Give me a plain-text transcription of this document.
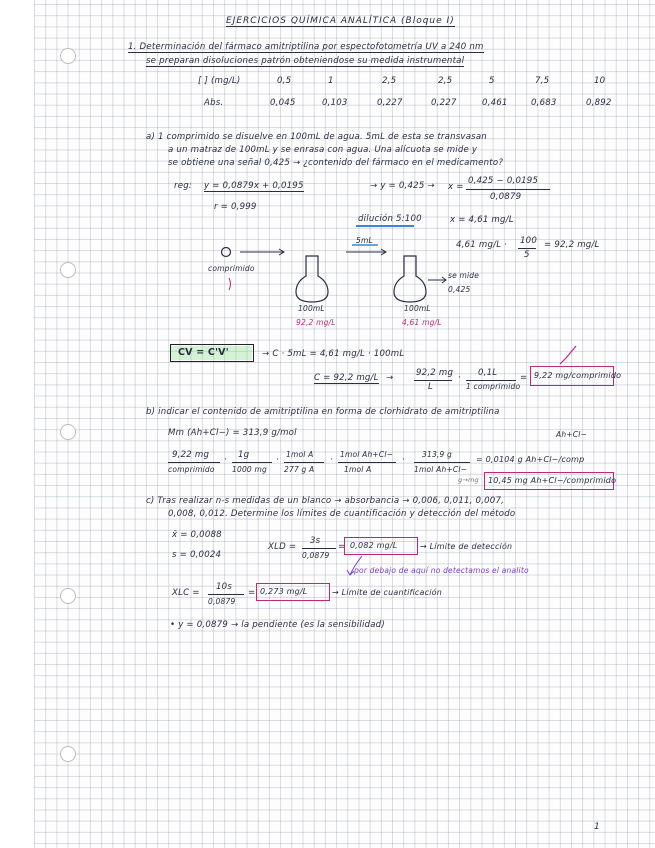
EJERCICIOS QUÍMICA ANALÍTICA (Bloque I)
1. Determinación del fármaco amitriptilina por espectofotometría UV a 240 nm
se preparan disoluciones patrón obteniendose su medida instrumental
[ ] (mg/L)	0,5	1	2,5	2,5	5	7,5	10
Abs.	0,045	0,103	0,227	0,227	0,461	0,683	0,892
a) 1 comprimido se disuelve en 100mL de agua. 5mL de esta se transvasan
a un matraz de 100mL y se enrasa con agua. Una alícuota se mide y
se obtiene una señal 0,425 → ¿contenido del fármaco en el medicamento?
reg: y = 0,0879x + 0,0195
r = 0,999
→ y = 0,425 → x =
0,425 − 0,0195
0,0879
dilución 5:100	x = 4,61 mg/L
4,61 mg/L · 100
5
= 92,2 mg/L
comprimido
5mL
se mide
0,425
100mL
92,2 mg/L
100mL
4,61 mg/L
CV = C'V'	→ C · 5mL = 4,61 mg/L · 100mL
C = 92,2 mg/L →	92,2 mg
L
· 0,1L
1 comprimido
= 9,22 mg/comprimido
b) indicar el contenido de amitriptilina en forma de clorhidrato de amitriptilina
Mm (Ah+Cl−) = 313,9 g/mol	Ah+Cl−
9,22 mg
comprimido
· 1g
1000 mg
·
1mol A
277 g A
·
1mol Ah+Cl−
1mol A
·
313,9 g
1mol Ah+Cl−
= 0,0104 g Ah+Cl−/comp
g→mg 10,45 mg Ah+Cl−/comprimido
c) Tras realizar n-s medidas de un blanco → absorbancia → 0,006, 0,011, 0,007,
0,008, 0,012. Determine los límites de cuantificación y detección del método
x̄ = 0,0088
s = 0,0024
XLD =
3s
0,0879
= 0,082 mg/L	→ Límite de detección
por debajo de aquí no detectamos el analito
XLC =
10s
0,0879
= 0,273 mg/L	→ Límite de cuantificación
• y = 0,0879 → la pendiente (es la sensibilidad)
1
